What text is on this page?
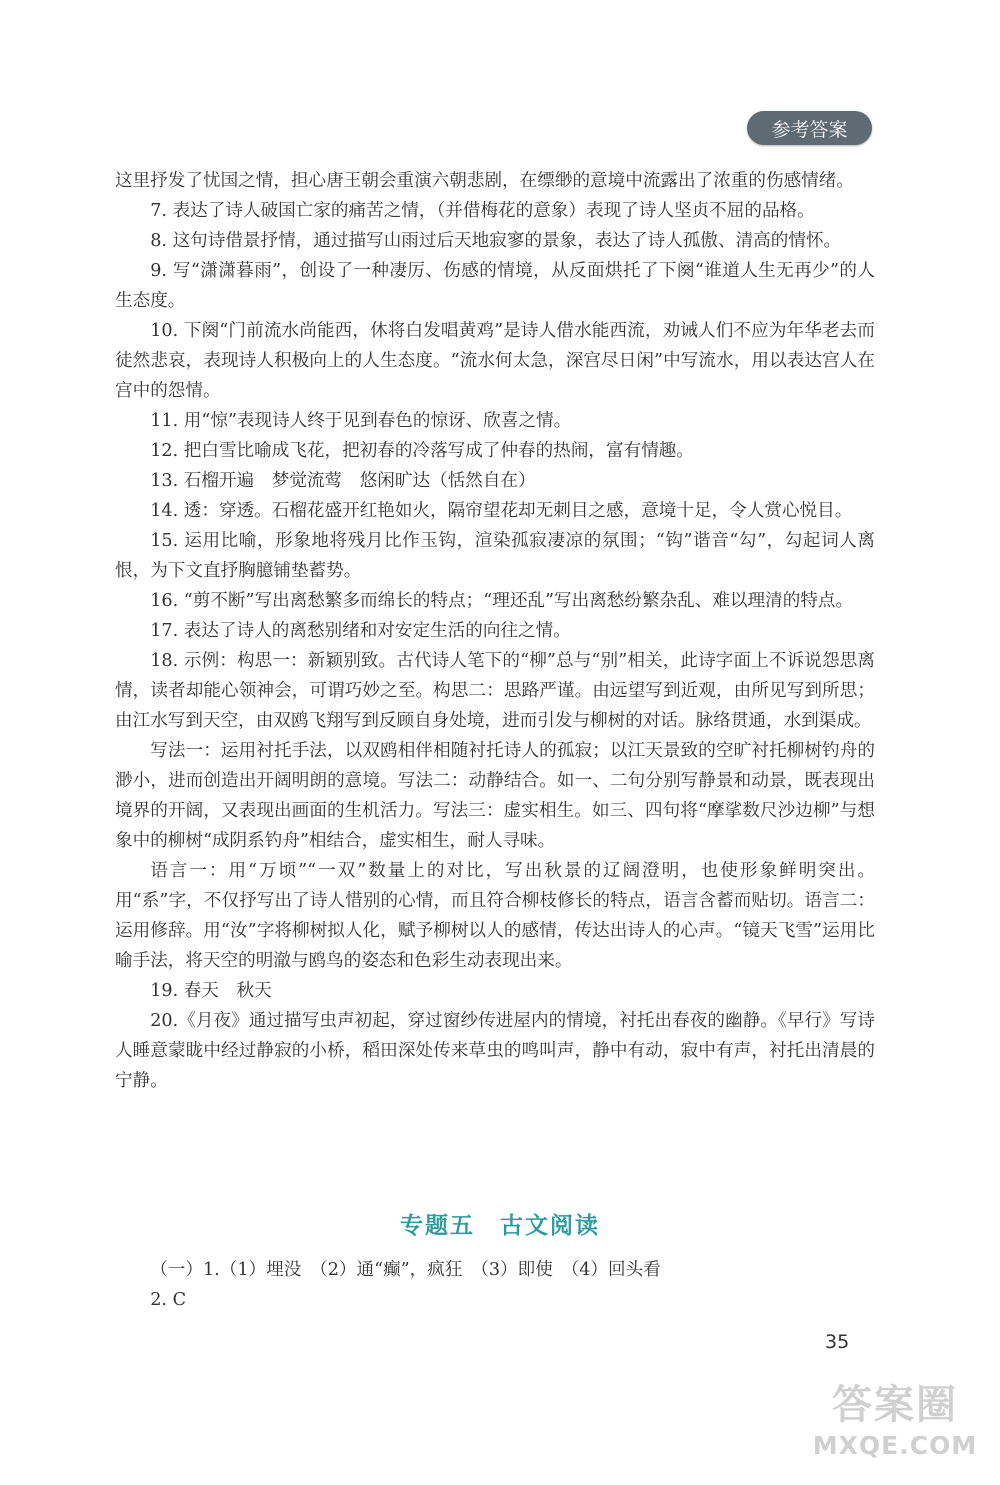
参考答案

这里抒发了忧国之情，担心唐王朝会重演六朝悲剧，在缥缈的意境中流露出了浓重的伤感情绪。

7. 表达了诗人破国亡家的痛苦之情，（并借梅花的意象）表现了诗人坚贞不屈的品格。

8. 这句诗借景抒情，通过描写山雨过后天地寂寥的景象，表达了诗人孤傲、清高的情怀。

9. 写“潇潇暮雨”，创设了一种凄厉、伤感的情境，从反面烘托了下阕“谁道人生无再少”的人生态度。

10. 下阕“门前流水尚能西，休将白发唱黄鸡”是诗人借水能西流，劝诫人们不应为年华老去而徒然悲哀，表现诗人积极向上的人生态度。“流水何太急，深宫尽日闲”中写流水，用以表达宫人在宫中的怨情。

11. 用“惊”表现诗人终于见到春色的惊讶、欣喜之情。

12. 把白雪比喻成飞花，把初春的冷落写成了仲春的热闹，富有情趣。

13. 石榴开遍　梦觉流莺　悠闲旷达（恬然自在）

14. 透：穿透。石榴花盛开红艳如火，隔帘望花却无刺目之感，意境十足，令人赏心悦目。

15. 运用比喻，形象地将残月比作玉钩，渲染孤寂凄凉的氛围；“钩”谐音“勾”，勾起词人离恨，为下文直抒胸臆铺垫蓄势。

16. “剪不断”写出离愁繁多而绵长的特点；“理还乱”写出离愁纷繁杂乱、难以理清的特点。

17. 表达了诗人的离愁别绪和对安定生活的向往之情。

18. 示例：构思一：新颖别致。古代诗人笔下的“柳”总与“别”相关，此诗字面上不诉说怨思离情，读者却能心领神会，可谓巧妙之至。构思二：思路严谨。由远望写到近观，由所见写到所思；由江水写到天空，由双鸥飞翔写到反顾自身处境，进而引发与柳树的对话。脉络贯通，水到渠成。

写法一：运用衬托手法，以双鸥相伴相随衬托诗人的孤寂；以江天景致的空旷衬托柳树钓舟的渺小，进而创造出开阔明朗的意境。写法二：动静结合。如一、二句分别写静景和动景，既表现出境界的开阔，又表现出画面的生机活力。写法三：虚实相生。如三、四句将“摩挲数尺沙边柳”与想象中的柳树“成阴系钓舟”相结合，虚实相生，耐人寻味。

语言一：用“万顷”“一双”数量上的对比，写出秋景的辽阔澄明，也使形象鲜明突出。用“系”字，不仅抒写出了诗人惜别的心情，而且符合柳枝修长的特点，语言含蓄而贴切。语言二：运用修辞。用“汝”字将柳树拟人化，赋予柳树以人的感情，传达出诗人的心声。“镜天飞雪”运用比喻手法，将天空的明澈与鸥鸟的姿态和色彩生动表现出来。

19. 春天　秋天

20.《月夜》通过描写虫声初起，穿过窗纱传进屋内的情境，衬托出春夜的幽静。《早行》写诗人睡意蒙眬中经过静寂的小桥，稻田深处传来草虫的鸣叫声，静中有动，寂中有声，衬托出清晨的宁静。

专题五　古文阅读

（一）1.（1）埋没　（2）通“癫”，疯狂　（3）即使　（4）回头看

2. C

35
答案圈
MXQE.COM
